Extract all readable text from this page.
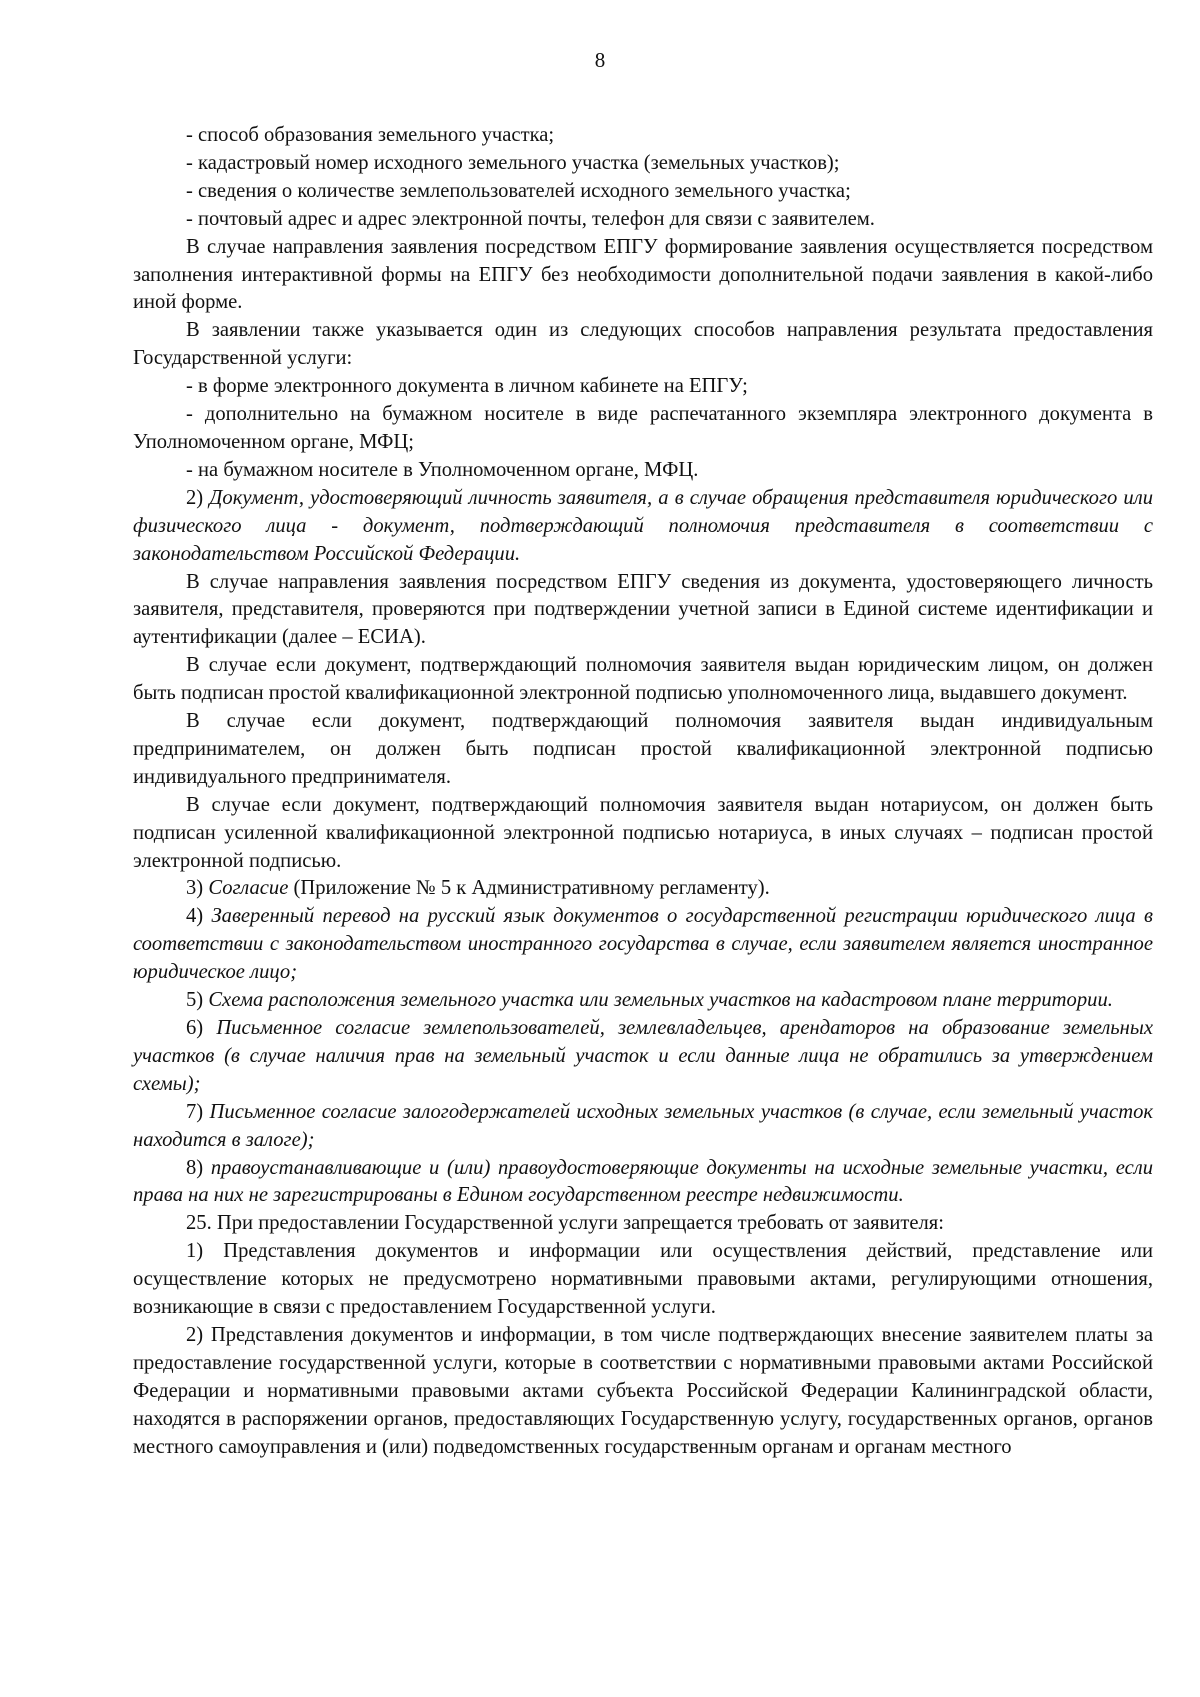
8

- способ образования земельного участка;

- кадастровый номер исходного земельного участка (земельных участков);

- сведения о количестве землепользователей исходного земельного участка;

- почтовый адрес и адрес электронной почты, телефон для связи с заявителем.

В случае направления заявления посредством ЕПГУ формирование заявления осуществляется посредством заполнения интерактивной формы на ЕПГУ без необходимости дополнительной подачи заявления в какой-либо иной форме.

В заявлении также указывается один из следующих способов направления результата предоставления Государственной услуги:

- в форме электронного документа в личном кабинете на ЕПГУ;

- дополнительно на бумажном носителе в виде распечатанного экземпляра электронного документа в Уполномоченном органе, МФЦ;

- на бумажном носителе в Уполномоченном органе, МФЦ.

2) Документ, удостоверяющий личность заявителя, а в случае обращения представителя юридического или физического лица - документ, подтверждающий полномочия представителя в соответствии с законодательством Российской Федерации.

В случае направления заявления посредством ЕПГУ сведения из документа, удостоверяющего личность заявителя, представителя, проверяются при подтверждении учетной записи в Единой системе идентификации и аутентификации (далее – ЕСИА).

В случае если документ, подтверждающий полномочия заявителя выдан юридическим лицом, он должен быть подписан простой квалификационной электронной подписью уполномоченного лица, выдавшего документ.

В случае если документ, подтверждающий полномочия заявителя выдан индивидуальным предпринимателем, он должен быть подписан простой квалификационной электронной подписью индивидуального предпринимателя.

В случае если документ, подтверждающий полномочия заявителя выдан нотариусом, он должен быть подписан усиленной квалификационной электронной подписью нотариуса, в иных случаях – подписан простой электронной подписью.

3) Согласие (Приложение № 5 к Административному регламенту).

4) Заверенный перевод на русский язык документов о государственной регистрации юридического лица в соответствии с законодательством иностранного государства в случае, если заявителем является иностранное юридическое лицо;

5) Схема расположения земельного участка или земельных участков на кадастровом плане территории.

6) Письменное согласие землепользователей, землевладельцев, арендаторов на образование земельных участков (в случае наличия прав на земельный участок и если данные лица не обратились за утверждением схемы);

7) Письменное согласие залогодержателей исходных земельных участков (в случае, если земельный участок находится в залоге);

8) правоустанавливающие и (или) правоудостоверяющие документы на исходные земельные участки, если права на них не зарегистрированы в Едином государственном реестре недвижимости.

25. При предоставлении Государственной услуги запрещается требовать от заявителя:

1) Представления документов и информации или осуществления действий, представление или осуществление которых не предусмотрено нормативными правовыми актами, регулирующими отношения, возникающие в связи с предоставлением Государственной услуги.

2) Представления документов и информации, в том числе подтверждающих внесение заявителем платы за предоставление государственной услуги, которые в соответствии с нормативными правовыми актами Российской Федерации и нормативными правовыми актами субъекта Российской Федерации Калининградской области, находятся в распоряжении органов, предоставляющих Государственную услугу, государственных органов, органов местного самоуправления и (или) подведомственных государственным органам и органам местного
